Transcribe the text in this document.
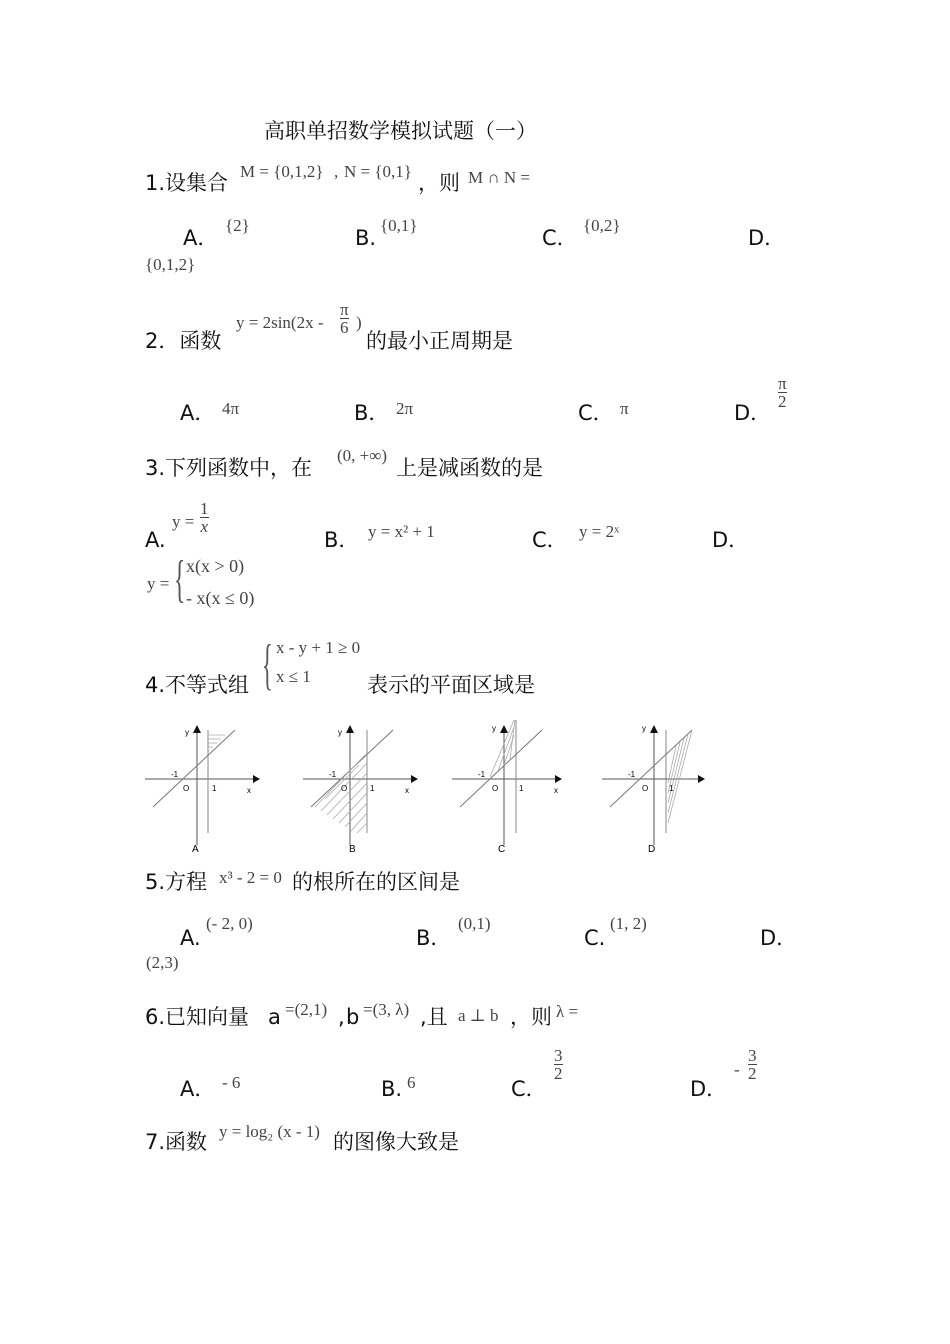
高职单招数学模拟试题（一）
1.设集合 M = {0,1,2} , N = {0,1} ，则 M ∩ N =
A．
{2}
B.
{0,1}
C．
{0,2}
D．
{0,1,2}
2．函数
y = 2sin(2x -
π
6 )
的最小正周期是
A． 4π	B． 2π	C． π	D．
π
2
3.下列函数中，在
(0, +∞)
上是减函数的是
A.
y =
1
x
B． y = x² + 1	C． y = 2ˣ	D．
y = { x(x > 0)
- x(x ≤ 0)
4.不等式组 { x - y + 1 ≥ 0
x ≤ 1	表示的平面区域是
y
x
O
-1
1
A
y
x
O
-1
1
B
y
x
O
-1
1
C
y
O
-1
1
D
5.方程 x³ - 2 = 0 的根所在的区间是
A.
(- 2, 0)
B．
(0,1)
C.
(1, 2)
D．
(2,3)
6.已知向量 a =(2,1) , b =(3, λ) ,且 a ⊥ b ，则 λ =
A． - 6	B. 6	C．
3
2
D．
-
3
2
7.函数 y = log₂ (x - 1) 的图像大致是
